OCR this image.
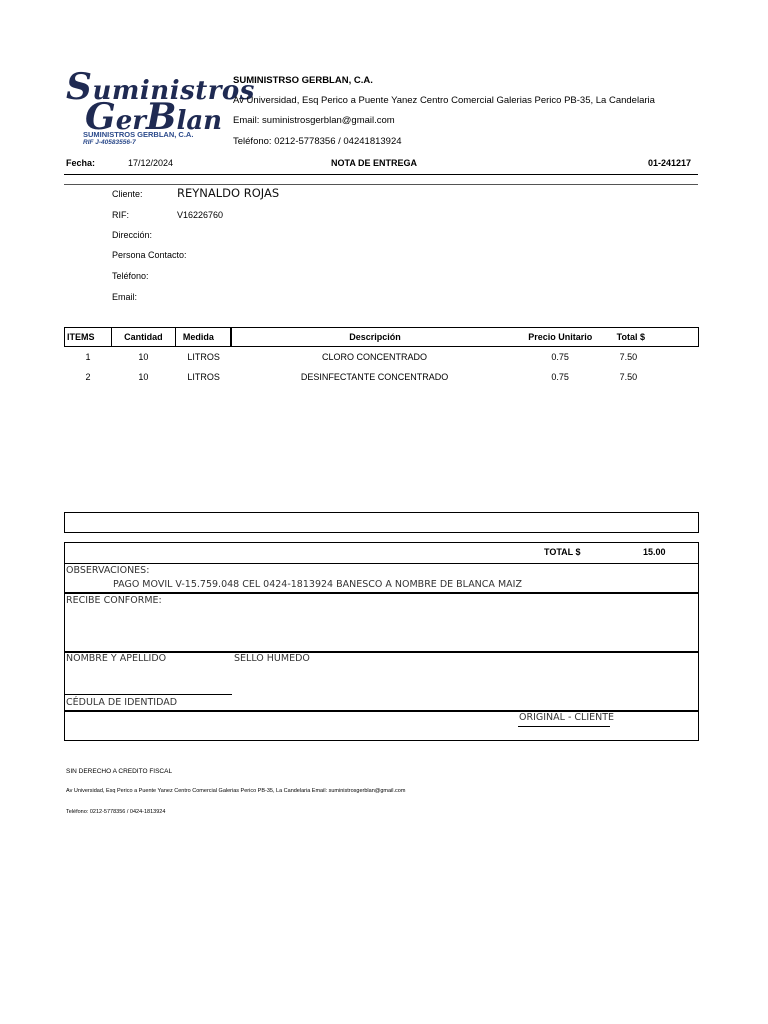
Suministros
GerBlan
SUMINISTROS GERBLAN, C.A.
RIF J-40583556-7
SUMINISTRSO GERBLAN, C.A.
Av Universidad, Esq Perico a Puente Yanez Centro Comercial Galerias Perico PB-35, La Candelaria
Email: suministrosgerblan@gmail.com
Teléfono: 0212-5778356 / 04241813924
Fecha:	17/12/2024	NOTA DE ENTREGA	01-241217
Cliente:	REYNALDO ROJAS
RIF:	V16226760
Dirección:
Persona Contacto:
Teléfono:
Email:
ITEMS	Cantidad	Medida	Descripción	Precio Unitario	Total $
1	10	LITROS	CLORO CONCENTRADO	0.75	7.50
2	10	LITROS	DESINFECTANTE CONCENTRADO	0.75	7.50
TOTAL $	15.00
OBSERVACIONES:
PAGO MOVIL V-15.759.048 CEL 0424-1813924 BANESCO A NOMBRE DE BLANCA MAIZ
RECIBE CONFORME:
NOMBRE Y APELLIDO	SELLO HUMEDO
CÉDULA DE IDENTIDAD
ORIGINAL - CLIENTE
SIN DERECHO A CREDITO FISCAL
Av Universidad, Esq Perico a Puente Yanez Centro Comercial Galerias Perico PB-35, La Candelaria Email: suministrosgerblan@gmail.com
Teléfono: 0212-5778356 / 0424-1813924
